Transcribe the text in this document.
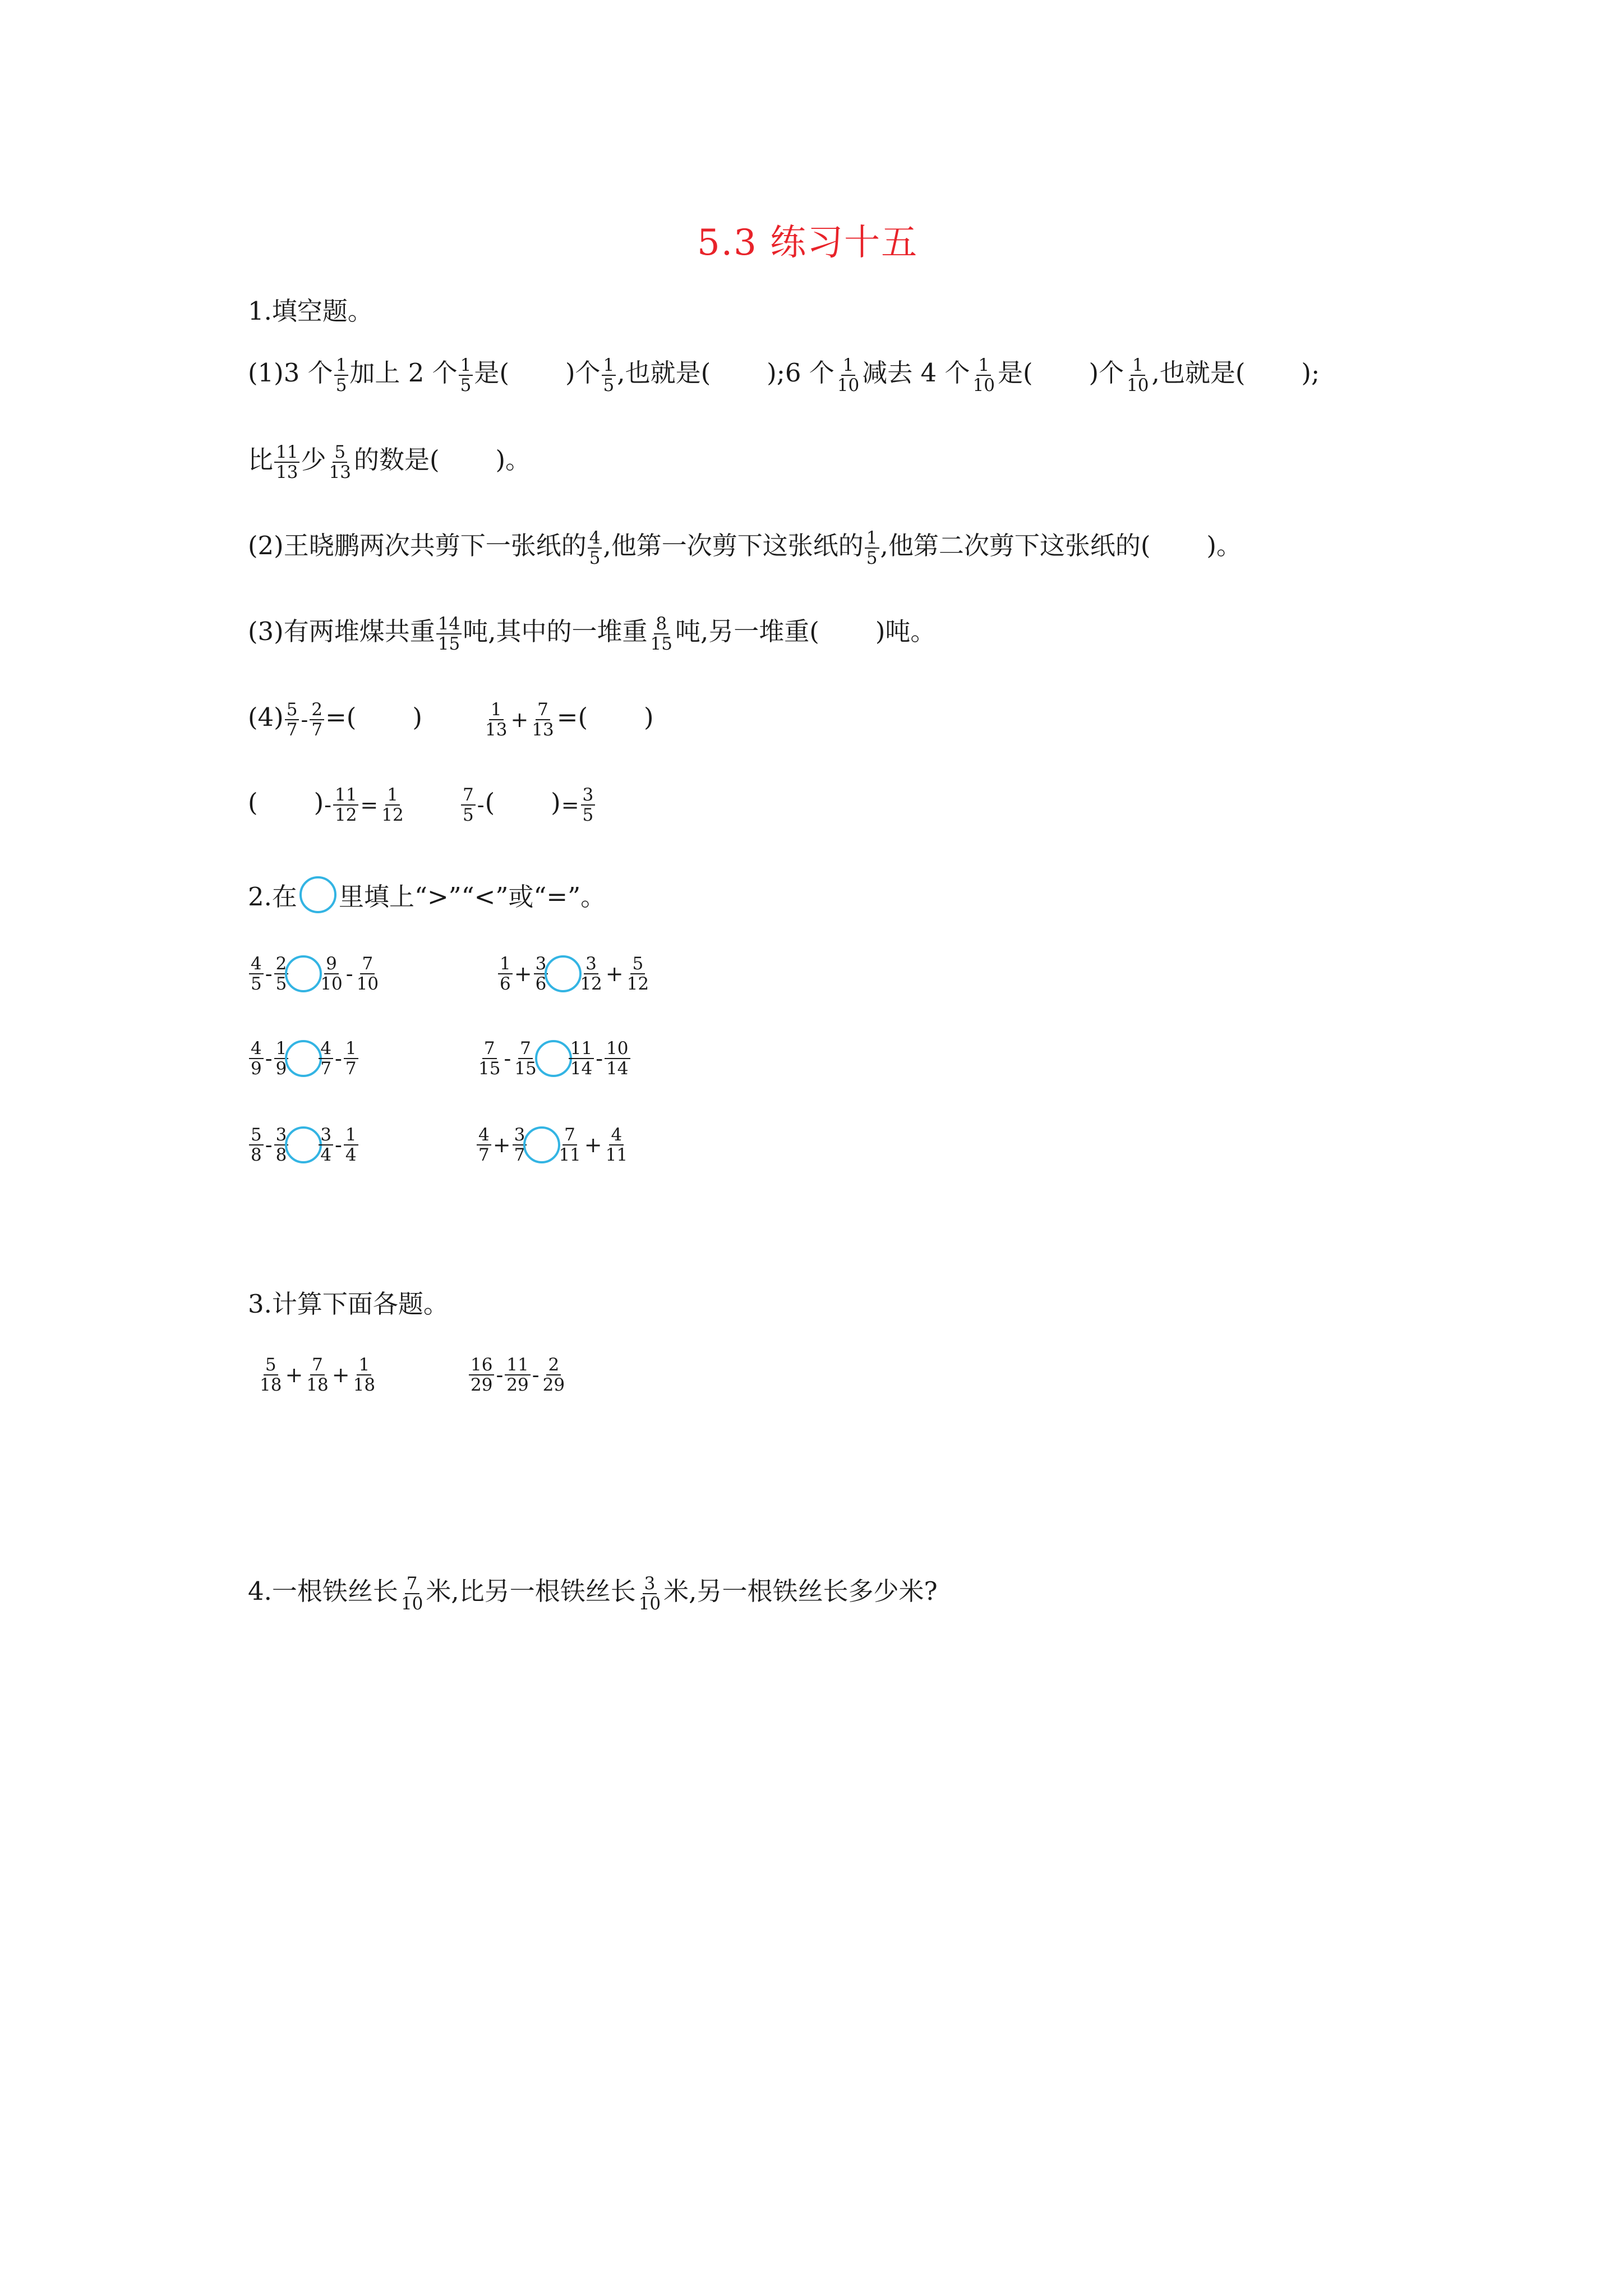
5.3 练习十五
1.填空题。
(1)3 个 $\frac{1}{5}$ 加上 2 个 $\frac{1}{5}$ 是( )个 $\frac{1}{5}$ ,也就是( );6 个 $\frac{1}{10}$ 减去 4 个 $\frac{1}{10}$ 是( )个 $\frac{1}{10}$ ,也就是( );
比 $\frac{11}{13}$ 少 $\frac{5}{13}$ 的数是( )。
(2)王晓鹏两次共剪下一张纸的 $\frac{4}{5}$ ,他第一次剪下这张纸的 $\frac{1}{5}$ ,他第二次剪下这张纸的( )。
(3)有两堆煤共重 $\frac{14}{15}$ 吨,其中的一堆重 $\frac{8}{15}$ 吨,另一堆重( )吨。
$(4) \frac{5}{7} - \frac{2}{7}$ =( )	$\frac{1}{13} + \frac{7}{13}$ =( )
( )- $\frac{11}{12} = \frac{1}{12}$	$\frac{7}{5}$ -( )= $\frac{3}{5}$
2.在 里填上“>”“<”或“=”。
$\frac{4}{5} - \frac{2}{5} \frac{9}{10} - \frac{7}{10}$	$\frac{1}{6} + \frac{3}{6} \frac{3}{12} + \frac{5}{12}$
$\frac{4}{9} - \frac{1}{9} \frac{4}{7} - \frac{1}{7}$	$\frac{7}{15} - \frac{7}{15} \frac{11}{14} - \frac{10}{14}$
$\frac{5}{8} - \frac{3}{8} \frac{3}{4} - \frac{1}{4}$	$\frac{4}{7} + \frac{3}{7} \frac{7}{11} + \frac{4}{11}$
3.计算下面各题。
$\frac{5}{18} + \frac{7}{18} + \frac{1}{18}$	$\frac{16}{29} - \frac{11}{29} - \frac{2}{29}$
4.一根铁丝长 $\frac{7}{10}$ 米,比另一根铁丝长 $\frac{3}{10}$ 米,另一根铁丝长多少米?
